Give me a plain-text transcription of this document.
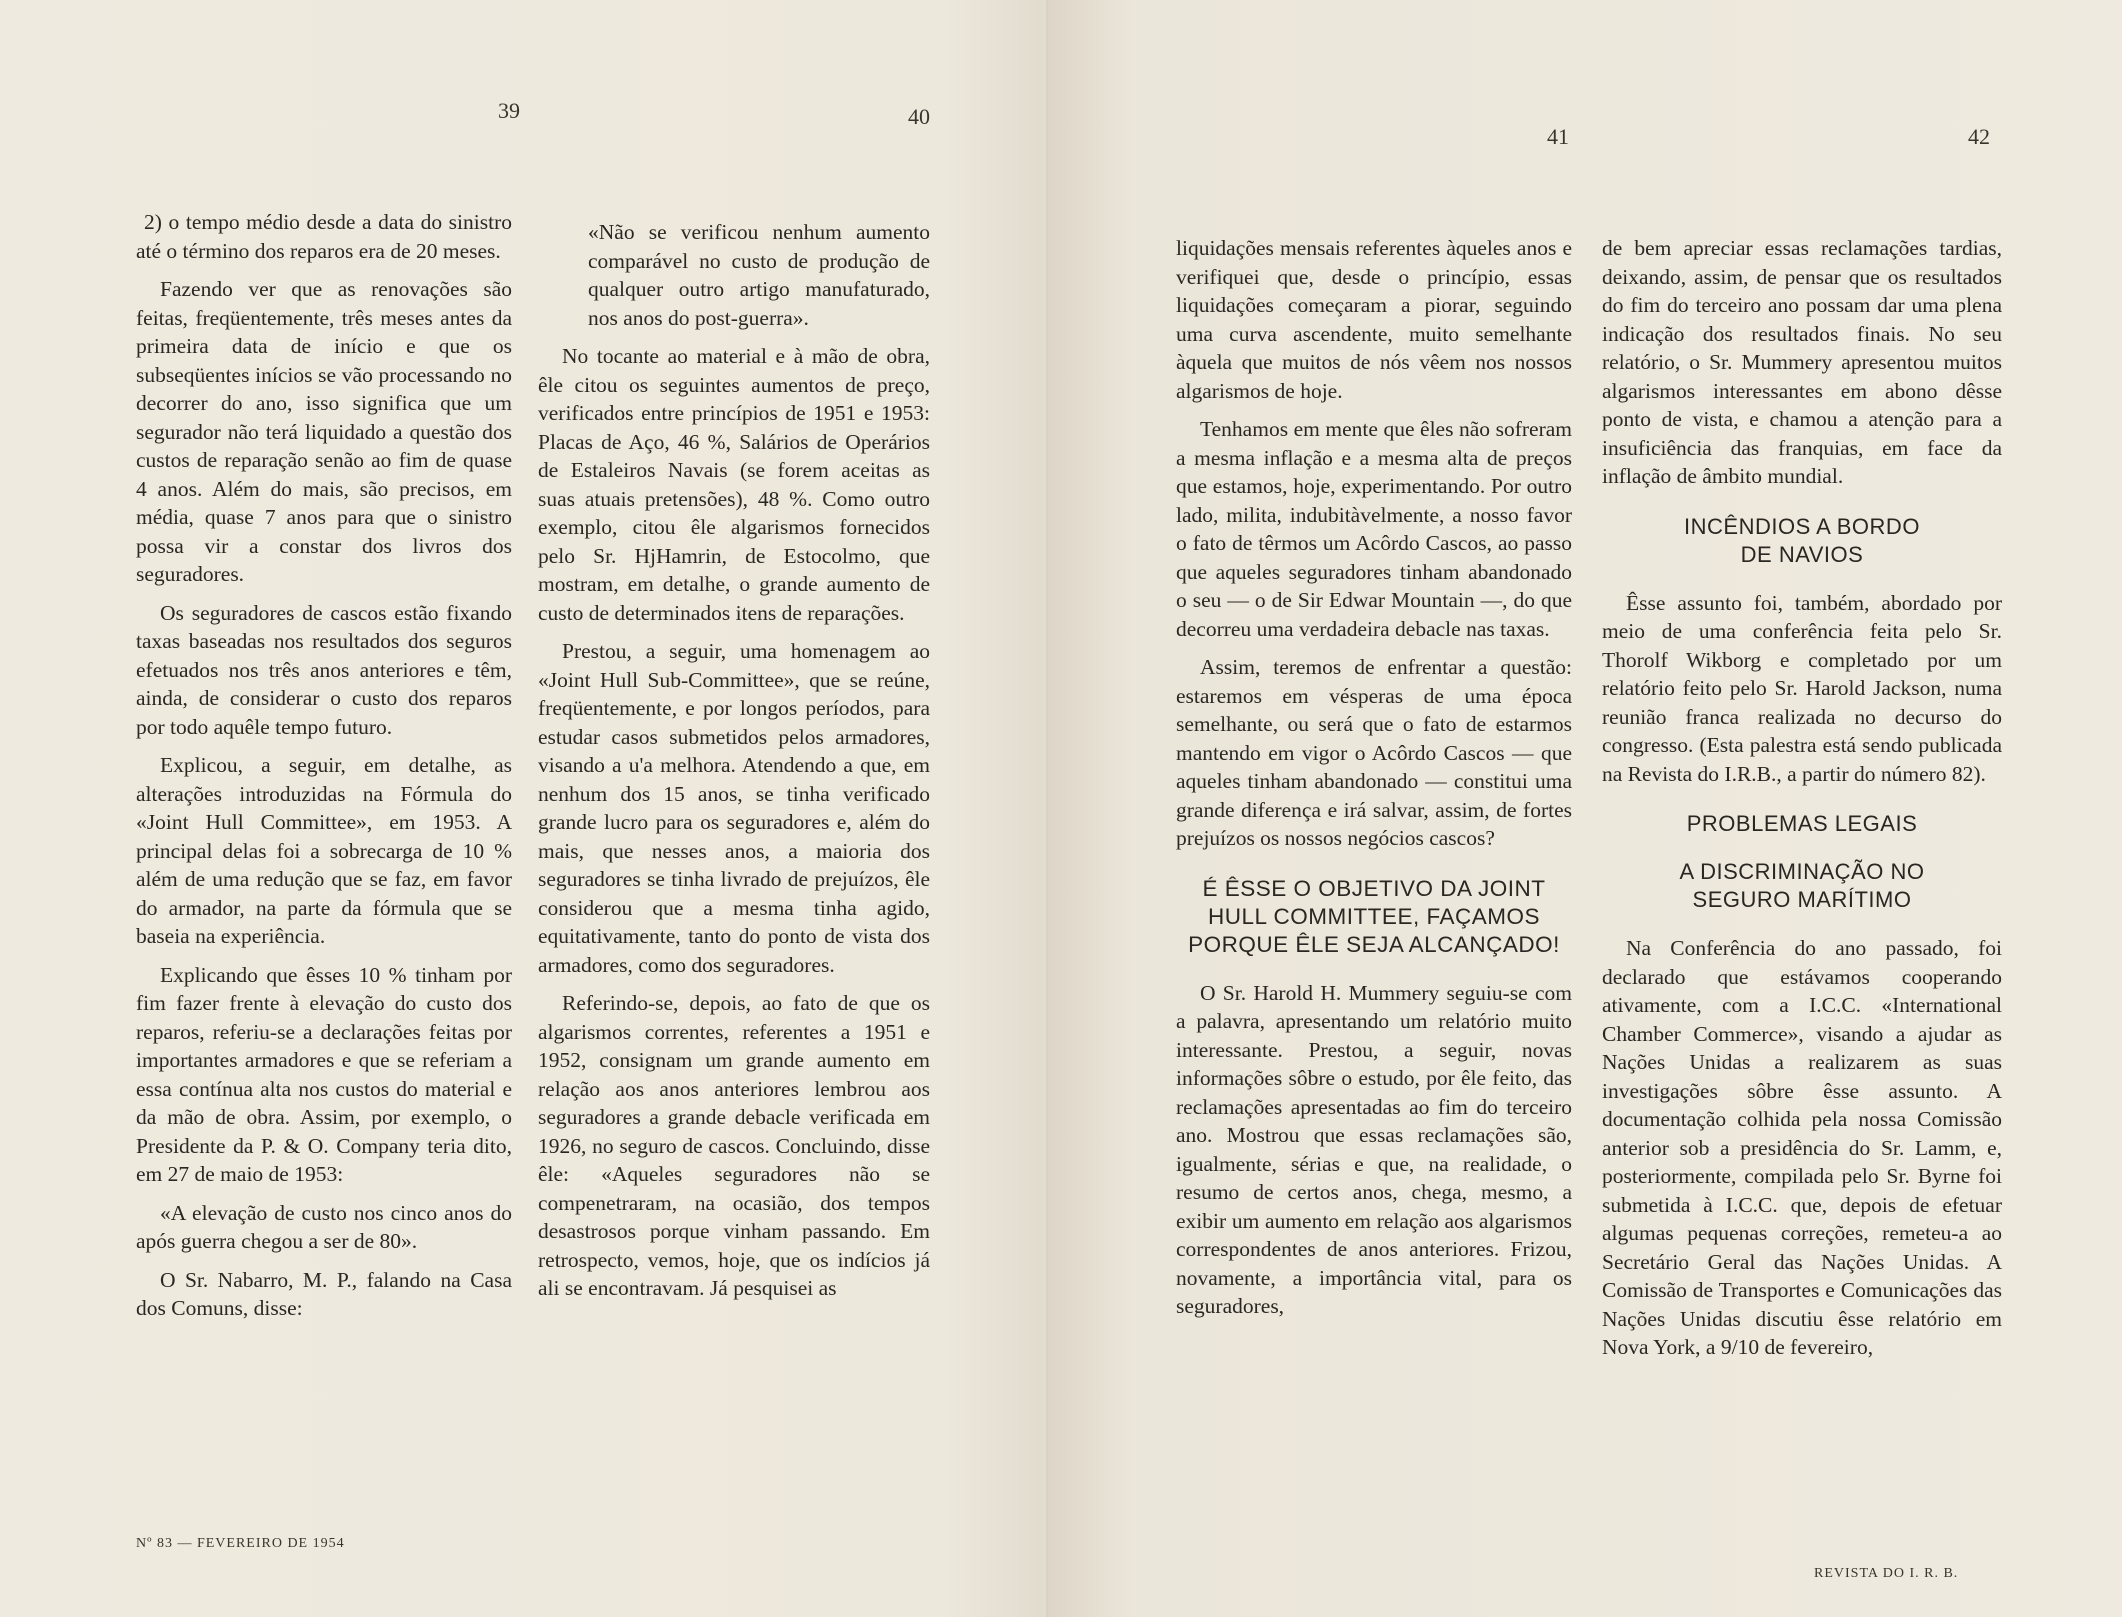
39	40

2) o tempo médio desde a data do sinistro até o término dos reparos era de 20 meses.

Fazendo ver que as renovações são feitas, freqüentemente, três meses antes da primeira data de início e que os subseqüentes inícios se vão processando no decorrer do ano, isso significa que um segurador não terá liquidado a questão dos custos de reparação senão ao fim de quase 4 anos. Além do mais, são precisos, em média, quase 7 anos para que o sinistro possa vir a constar dos livros dos seguradores.

Os seguradores de cascos estão fixando taxas baseadas nos resultados dos seguros efetuados nos três anos anteriores e têm, ainda, de considerar o custo dos reparos por todo aquêle tempo futuro.

Explicou, a seguir, em detalhe, as alterações introduzidas na Fórmula do «Joint Hull Committee», em 1953. A principal delas foi a sobrecarga de 10 % além de uma redução que se faz, em favor do armador, na parte da fórmula que se baseia na experiência.

Explicando que êsses 10 % tinham por fim fazer frente à elevação do custo dos reparos, referiu-se a declarações feitas por importantes armadores e que se referiam a essa contínua alta nos custos do material e da mão de obra. Assim, por exemplo, o Presidente da P. & O. Company teria dito, em 27 de maio de 1953:

«A elevação de custo nos cinco anos do após guerra chegou a ser de 80».

O Sr. Nabarro, M. P., falando na Casa dos Comuns, disse:

«Não se verificou nenhum aumento comparável no custo de produção de qualquer outro artigo manufaturado, nos anos do post-guerra».

No tocante ao material e à mão de obra, êle citou os seguintes aumentos de preço, verificados entre princípios de 1951 e 1953: Placas de Aço, 46 %, Salários de Operários de Estaleiros Navais (se forem aceitas as suas atuais pretensões), 48 %. Como outro exemplo, citou êle algarismos fornecidos pelo Sr. HjHamrin, de Estocolmo, que mostram, em detalhe, o grande aumento de custo de determinados itens de reparações.

Prestou, a seguir, uma homenagem ao «Joint Hull Sub-Committee», que se reúne, freqüentemente, e por longos períodos, para estudar casos submetidos pelos armadores, visando a u'a melhora. Atendendo a que, em nenhum dos 15 anos, se tinha verificado grande lucro para os seguradores e, além do mais, que nesses anos, a maioria dos seguradores se tinha livrado de prejuízos, êle considerou que a mesma tinha agido, equitativamente, tanto do ponto de vista dos armadores, como dos seguradores.

Referindo-se, depois, ao fato de que os algarismos correntes, referentes a 1951 e 1952, consignam um grande aumento em relação aos anos anteriores lembrou aos seguradores a grande debacle verificada em 1926, no seguro de cascos. Concluindo, disse êle: «Aqueles seguradores não se compenetraram, na ocasião, dos tempos desastrosos porque vinham passando. Em retrospecto, vemos, hoje, que os indícios já ali se encontravam. Já pesquisei as

Nº 83 — FEVEREIRO DE 1954
41	42

liquidações mensais referentes àqueles anos e verifiquei que, desde o princípio, essas liquidações começaram a piorar, seguindo uma curva ascendente, muito semelhante àquela que muitos de nós vêem nos nossos algarismos de hoje.

Tenhamos em mente que êles não sofreram a mesma inflação e a mesma alta de preços que estamos, hoje, experimentando. Por outro lado, milita, indubitàvelmente, a nosso favor o fato de têrmos um Acôrdo Cascos, ao passo que aqueles seguradores tinham abandonado o seu — o de Sir Edwar Mountain —, do que decorreu uma verdadeira debacle nas taxas.

Assim, teremos de enfrentar a questão: estaremos em vésperas de uma época semelhante, ou será que o fato de estarmos mantendo em vigor o Acôrdo Cascos — que aqueles tinham abandonado — constitui uma grande diferença e irá salvar, assim, de fortes prejuízos os nossos negócios cascos?

É ÊSSE O OBJETIVO DA JOINT HULL COMMITTEE, FAÇAMOS PORQUE ÊLE SEJA ALCANÇADO!

O Sr. Harold H. Mummery seguiu-se com a palavra, apresentando um relatório muito interessante. Prestou, a seguir, novas informações sôbre o estudo, por êle feito, das reclamações apresentadas ao fim do terceiro ano. Mostrou que essas reclamações são, igualmente, sérias e que, na realidade, o resumo de certos anos, chega, mesmo, a exibir um aumento em relação aos algarismos correspondentes de anos anteriores. Frizou, novamente, a importância vital, para os seguradores,

de bem apreciar essas reclamações tardias, deixando, assim, de pensar que os resultados do fim do terceiro ano possam dar uma plena indicação dos resultados finais. No seu relatório, o Sr. Mummery apresentou muitos algarismos interessantes em abono dêsse ponto de vista, e chamou a atenção para a insuficiência das franquias, em face da inflação de âmbito mundial.

INCÊNDIOS A BORDO DE NAVIOS

Êsse assunto foi, também, abordado por meio de uma conferência feita pelo Sr. Thorolf Wikborg e completado por um relatório feito pelo Sr. Harold Jackson, numa reunião franca realizada no decurso do congresso. (Esta palestra está sendo publicada na Revista do I.R.B., a partir do número 82).

PROBLEMAS LEGAIS

A DISCRIMINAÇÃO NO SEGURO MARÍTIMO

Na Conferência do ano passado, foi declarado que estávamos cooperando ativamente, com a I.C.C. «International Chamber Commerce», visando a ajudar as Nações Unidas a realizarem as suas investigações sôbre êsse assunto. A documentação colhida pela nossa Comissão anterior sob a presidência do Sr. Lamm, e, posteriormente, compilada pelo Sr. Byrne foi submetida à I.C.C. que, depois de efetuar algumas pequenas correções, remeteu-a ao Secretário Geral das Nações Unidas. A Comissão de Transportes e Comunicações das Nações Unidas discutiu êsse relatório em Nova York, a 9/10 de fevereiro,

REVISTA DO I. R. B.
